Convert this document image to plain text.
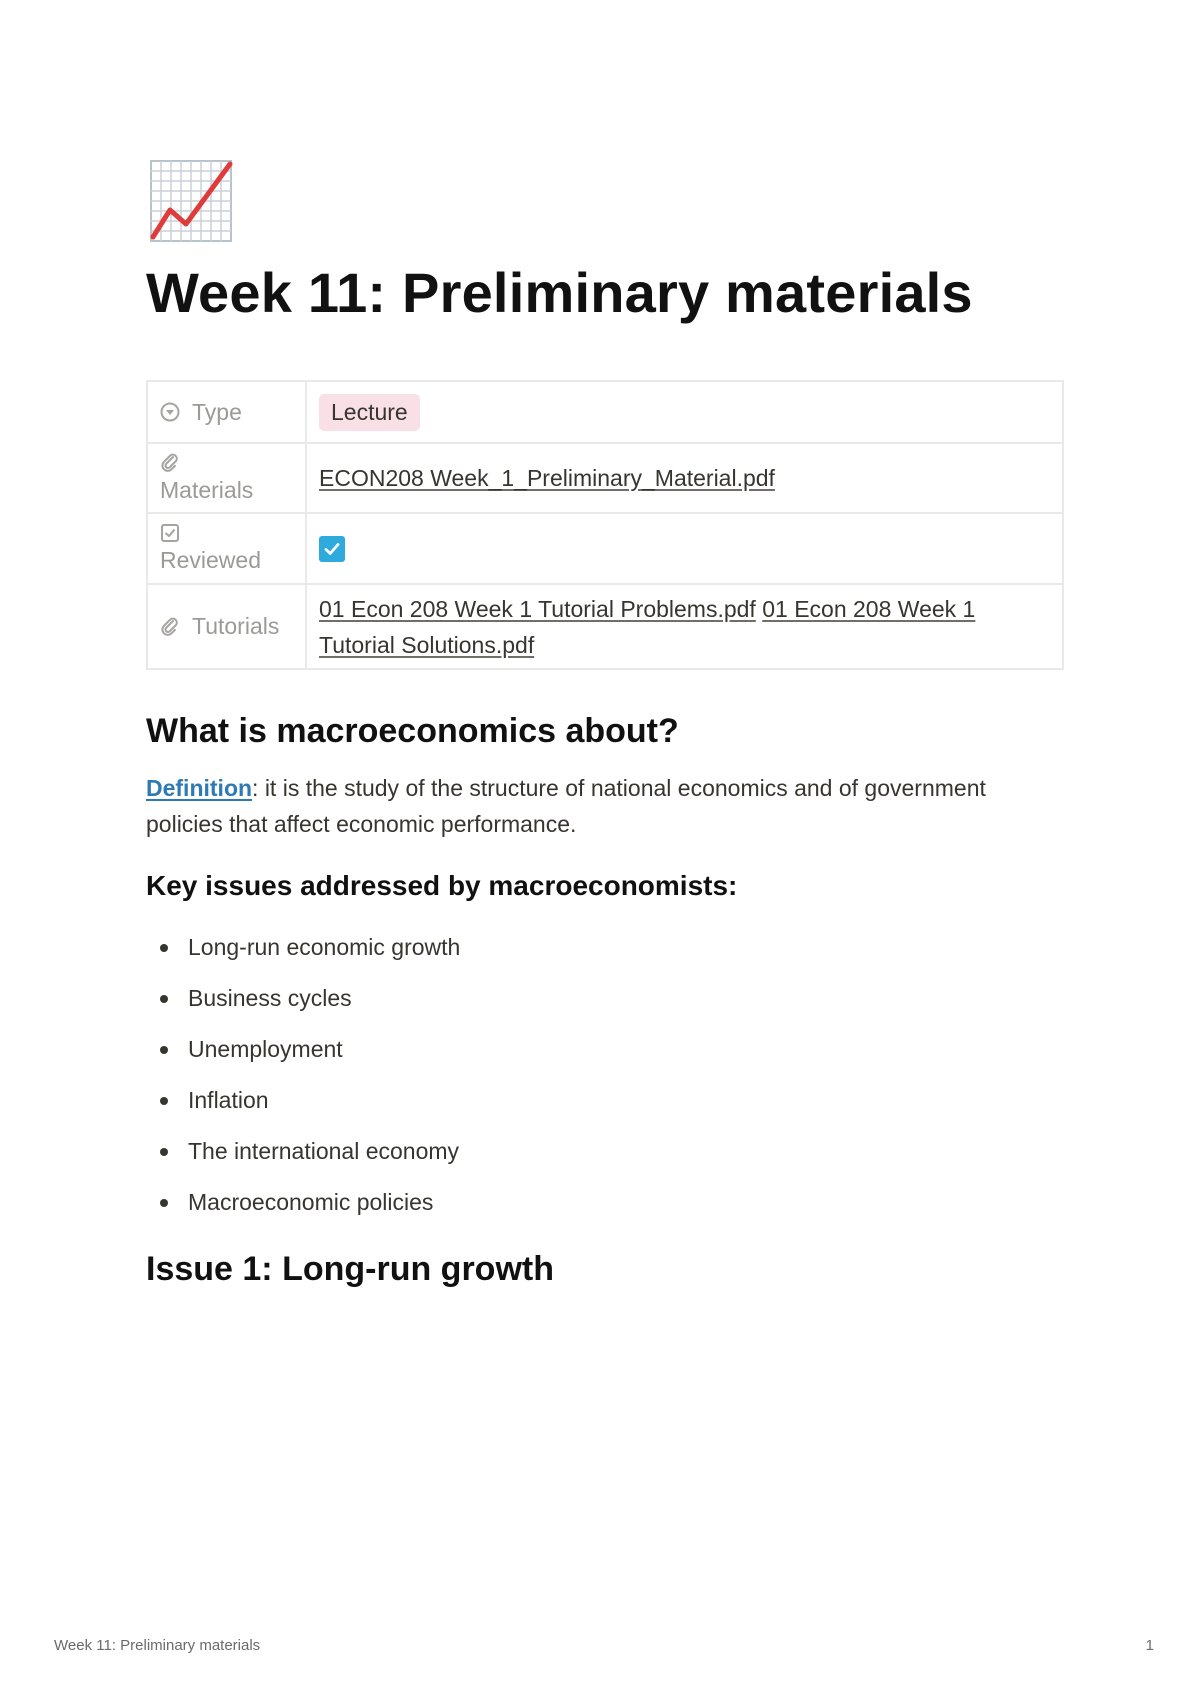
Week 11: Preliminary materials
Type	Lecture

Materials	ECON208 Week_1_Preliminary_Material.pdf

Reviewed

Tutorials	01 Econ 208 Week 1 Tutorial Problems.pdf 01 Econ 208 Week 1 Tutorial Solutions.pdf
What is macroeconomics about?

Definition: it is the study of the structure of national economics and of government policies that affect economic performance.

Key issues addressed by macroeconomists:
Long-run economic growth
Business cycles
Unemployment
Inflation
The international economy
Macroeconomic policies
Issue 1: Long-run growth
Week 11: Preliminary materials	1
